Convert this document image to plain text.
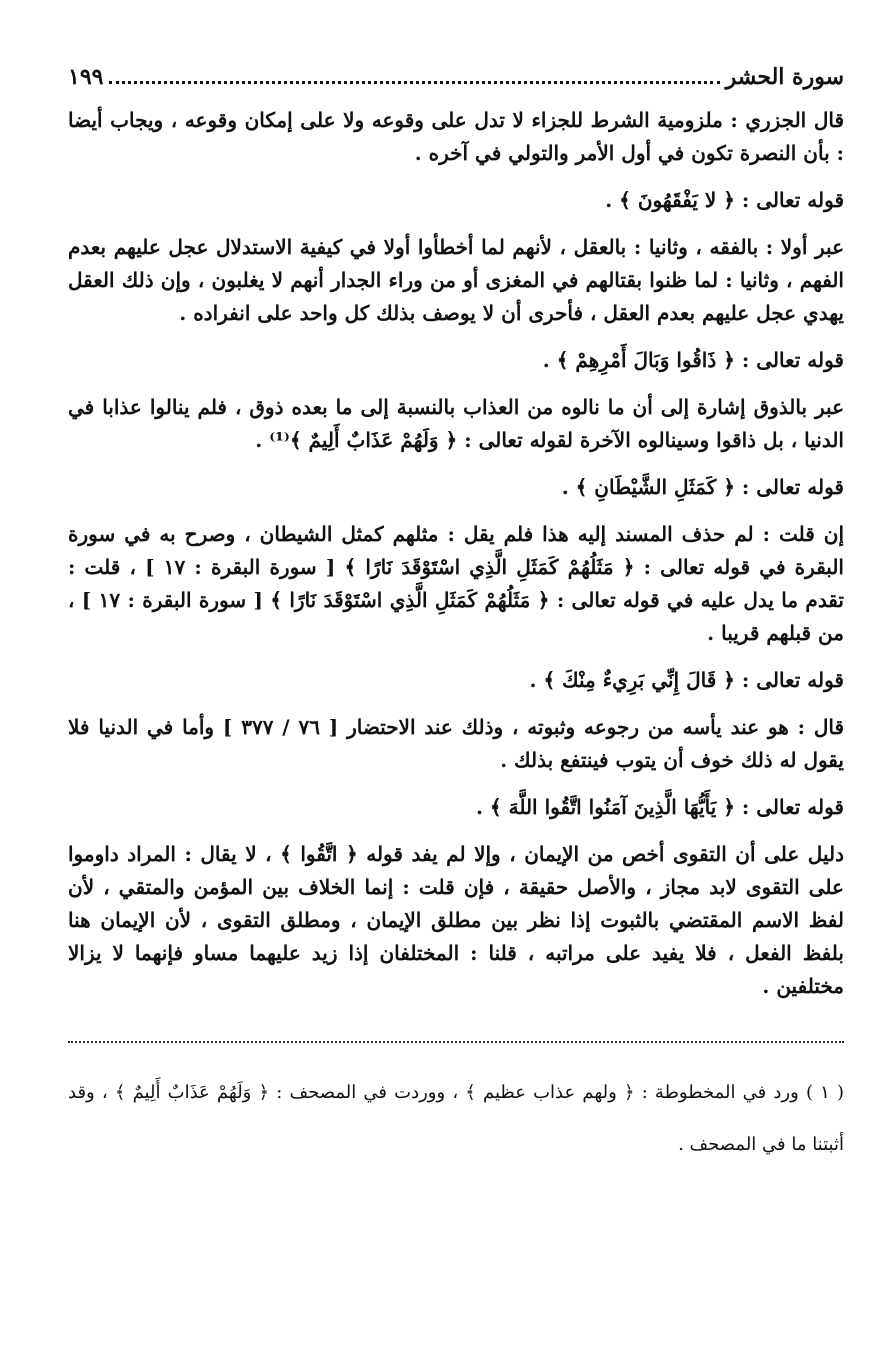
سورة الحشر
١٩٩

قال الجزري : ملزومية الشرط للجزاء لا تدل على وقوعه ولا على إمكان وقوعه ، ويجاب أيضا : بأن النصرة تكون في أول الأمر والتولي في آخره .

قوله تعالى : ﴿ لا يَفْقَهُونَ ﴾ .

عبر أولا : بالفقه ، وثانيا : بالعقل ، لأنهم لما أخطأوا أولا في كيفية الاستدلال عجل عليهم بعدم الفهم ، وثانيا : لما ظنوا بقتالهم في المغزى أو من وراء الجدار أنهم لا يغلبون ، وإن ذلك العقل يهدي عجل عليهم بعدم العقل ، فأحرى أن لا يوصف بذلك كل واحد على انفراده .

قوله تعالى : ﴿ ذَاقُوا وَبَالَ أَمْرِهِمْ ﴾ .

عبر بالذوق إشارة إلى أن ما نالوه من العذاب بالنسبة إلى ما بعده ذوق ، فلم ينالوا عذابا في الدنيا ، بل ذاقوا وسينالوه الآخرة لقوله تعالى : ﴿ وَلَهُمْ عَذَابٌ أَلِيمٌ ﴾⁽¹⁾ .

قوله تعالى : ﴿ كَمَثَلِ الشَّيْطَانِ ﴾ .

إن قلت : لم حذف المسند إليه هذا فلم يقل : مثلهم كمثل الشيطان ، وصرح به في سورة البقرة في قوله تعالى : ﴿ مَثَلُهُمْ كَمَثَلِ الَّذِي اسْتَوْقَدَ نَارًا ﴾ [ سورة البقرة : ١٧ ] ، قلت : تقدم ما يدل عليه في قوله تعالى : ﴿ مَثَلُهُمْ كَمَثَلِ الَّذِي اسْتَوْقَدَ نَارًا ﴾ [ سورة البقرة : ١٧ ] ، من قبلهم قريبا .

قوله تعالى : ﴿ قَالَ إِنِّي بَرِيءٌ مِنْكَ ﴾ .

قال : هو عند يأسه من رجوعه وثبوته ، وذلك عند الاحتضار [ ٧٦ / ٣٧٧ ] وأما في الدنيا فلا يقول له ذلك خوف أن يتوب فينتفع بذلك .

قوله تعالى : ﴿ يَأَيُّهَا الَّذِينَ آمَنُوا اتَّقُوا اللَّهَ ﴾ .

دليل على أن التقوى أخص من الإيمان ، وإلا لم يفد قوله ﴿ اتَّقُوا ﴾ ، لا يقال : المراد داوموا على التقوى لابد مجاز ، والأصل حقيقة ، فإن قلت : إنما الخلاف بين المؤمن والمتقي ، لأن لفظ الاسم المقتضي بالثبوت إذا نظر بين مطلق الإيمان ، ومطلق التقوى ، لأن الإيمان هنا بلفظ الفعل ، فلا يفيد على مراتبه ، قلنا : المختلفان إذا زيد عليهما مساو فإنهما لا يزالا مختلفين .

( ١ ) ورد في المخطوطة : ﴿ ولهم عذاب عظيم ﴾ ، ووردت في المصحف : ﴿ وَلَهُمْ عَذَابٌ أَلِيمٌ ﴾ ، وقد أثبتنا ما في المصحف .
